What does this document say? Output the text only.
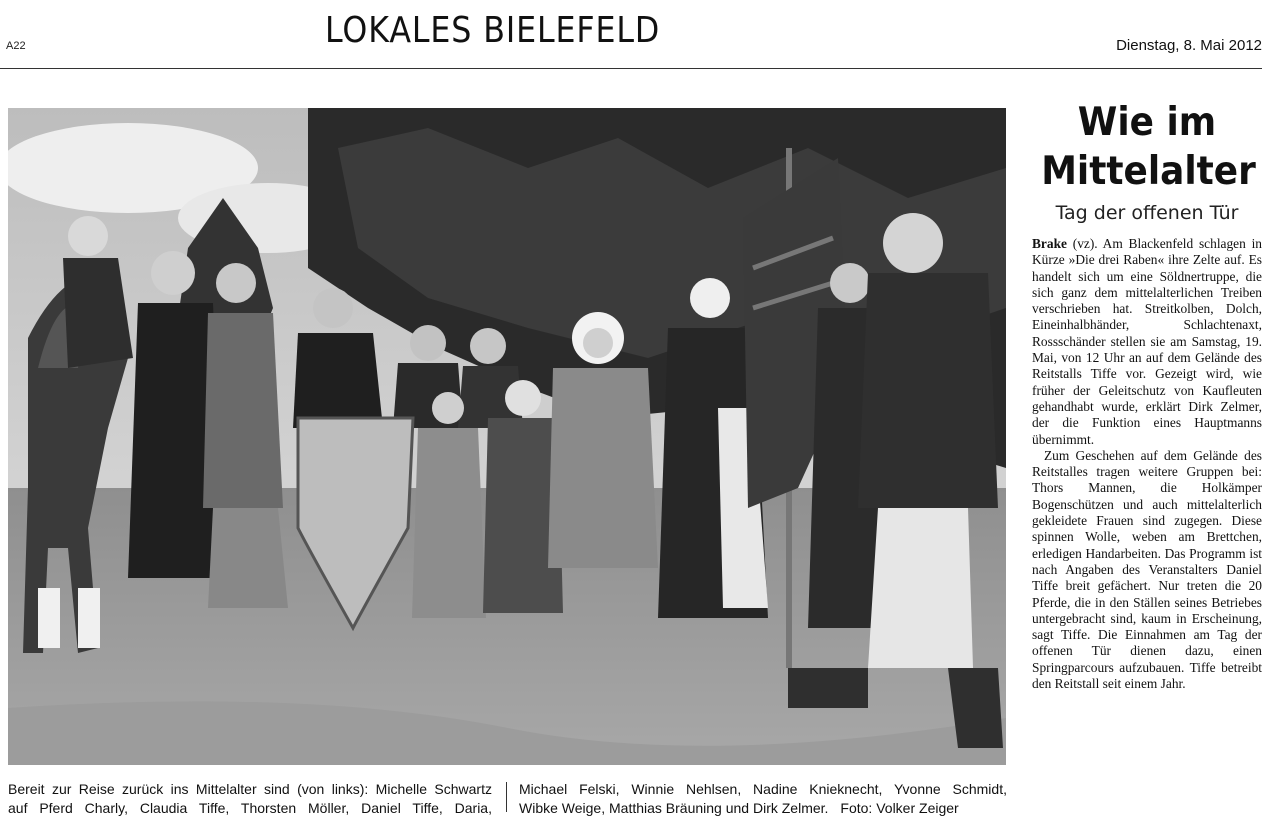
A22	LOKALES BIELEFELD	Dienstag, 8. Mai 2012
Bereit zur Reise zurück ins Mittelalter sind (von links): Michelle Schwartz
auf Pferd Charly, Claudia Tiffe, Thorsten Möller, Daniel Tiffe, Daria,
Michael Felski, Winnie Nehlsen, Nadine Knieknecht, Yvonne Schmidt,
Wibke Weige, Matthias Bräuning und Dirk Zelmer. Foto: Volker Zeiger
Wie im
Mittelalter
Tag der offenen Tür

Brake (vz). Am Blackenfeld schlagen in Kürze »Die drei Raben« ihre Zelte auf. Es handelt sich um eine Söldnertruppe, die sich ganz dem mittelalterlichen Treiben verschrieben hat. Streitkolben, Dolch, Eineinhalbhänder, Schlachtenaxt, Rossschänder stellen sie am Samstag, 19. Mai, von 12 Uhr an auf dem Gelände des Reitstalls Tiffe vor. Gezeigt wird, wie früher der Geleitschutz von Kaufleuten gehandhabt wurde, erklärt Dirk Zelmer, der die Funktion eines Hauptmanns übernimmt.

Zum Geschehen auf dem Gelände des Reitstalles tragen weitere Gruppen bei: Thors Mannen, die Holkämper Bogenschützen und auch mittelalterlich gekleidete Frauen sind zugegen. Diese spinnen Wolle, weben am Brettchen, erledigen Handarbeiten. Das Programm ist nach Angaben des Veranstalters Daniel Tiffe breit gefächert. Nur treten die 20 Pferde, die in den Ställen seines Betriebes untergebracht sind, kaum in Erscheinung, sagt Tiffe. Die Einnahmen am Tag der offenen Tür dienen dazu, einen Springparcours aufzubauen. Tiffe betreibt den Reitstall seit einem Jahr.
